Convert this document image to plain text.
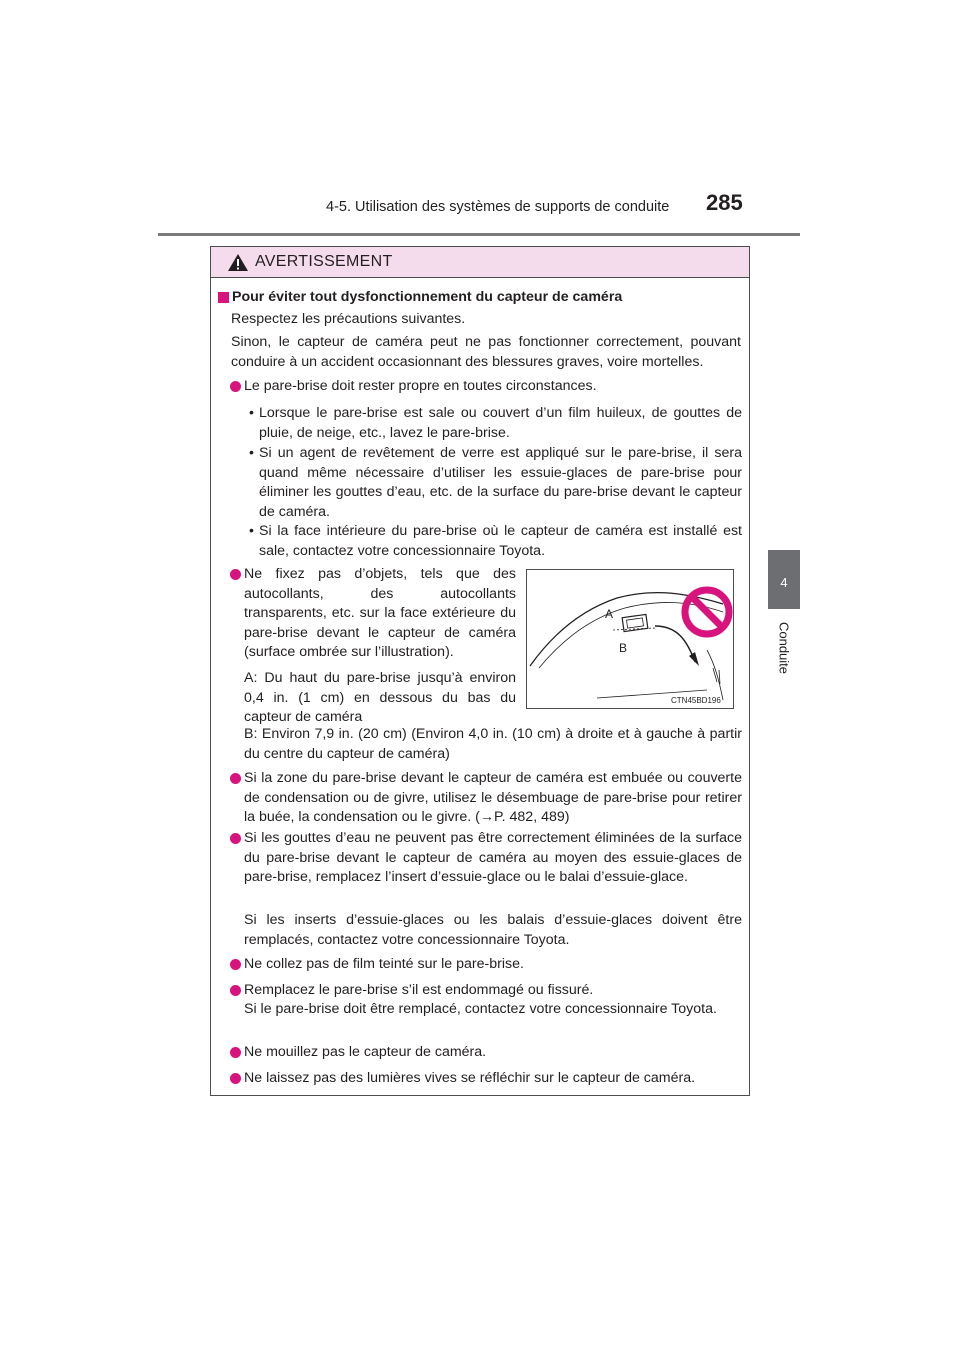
4-5. Utilisation des systèmes de supports de conduite 285
4
Conduite
AVERTISSEMENT
Pour éviter tout dysfonctionnement du capteur de caméra
Respectez les précautions suivantes.
Sinon, le capteur de caméra peut ne pas fonctionner correctement, pouvant conduire à un accident occasionnant des blessures graves, voire mortelles.
Le pare-brise doit rester propre en toutes circonstances.
• Lorsque le pare-brise est sale ou couvert d’un film huileux, de gouttes de pluie, de neige, etc., lavez le pare-brise.
• Si un agent de revêtement de verre est appliqué sur le pare-brise, il sera quand même nécessaire d’utiliser les essuie-glaces de pare-brise pour éliminer les gouttes d’eau, etc. de la surface du pare-brise devant le capteur de caméra.
• Si la face intérieure du pare-brise où le capteur de caméra est installé est sale, contactez votre concessionnaire Toyota.
Ne fixez pas d’objets, tels que des autocollants, des autocollants transparents, etc. sur la face extérieure du pare-brise devant le capteur de caméra (surface ombrée sur l’illustration).
A: Du haut du pare-brise jusqu’à environ 0,4 in. (1 cm) en dessous du bas du capteur de caméra
B: Environ 7,9 in. (20 cm) (Environ 4,0 in. (10 cm) à droite et à gauche à partir du centre du capteur de caméra)
A
B
CTN45BD196
Si la zone du pare-brise devant le capteur de caméra est embuée ou couverte de condensation ou de givre, utilisez le désembuage de pare-brise pour retirer la buée, la condensation ou le givre. (→P. 482, 489)
Si les gouttes d’eau ne peuvent pas être correctement éliminées de la surface du pare-brise devant le capteur de caméra au moyen des essuie-glaces de pare-brise, remplacez l’insert d’essuie-glace ou le balai d’essuie-glace.
Si les inserts d’essuie-glaces ou les balais d’essuie-glaces doivent être remplacés, contactez votre concessionnaire Toyota.
Ne collez pas de film teinté sur le pare-brise.
Remplacez le pare-brise s’il est endommagé ou fissuré.
Si le pare-brise doit être remplacé, contactez votre concessionnaire Toyota.
Ne mouillez pas le capteur de caméra.
Ne laissez pas des lumières vives se réfléchir sur le capteur de caméra.
